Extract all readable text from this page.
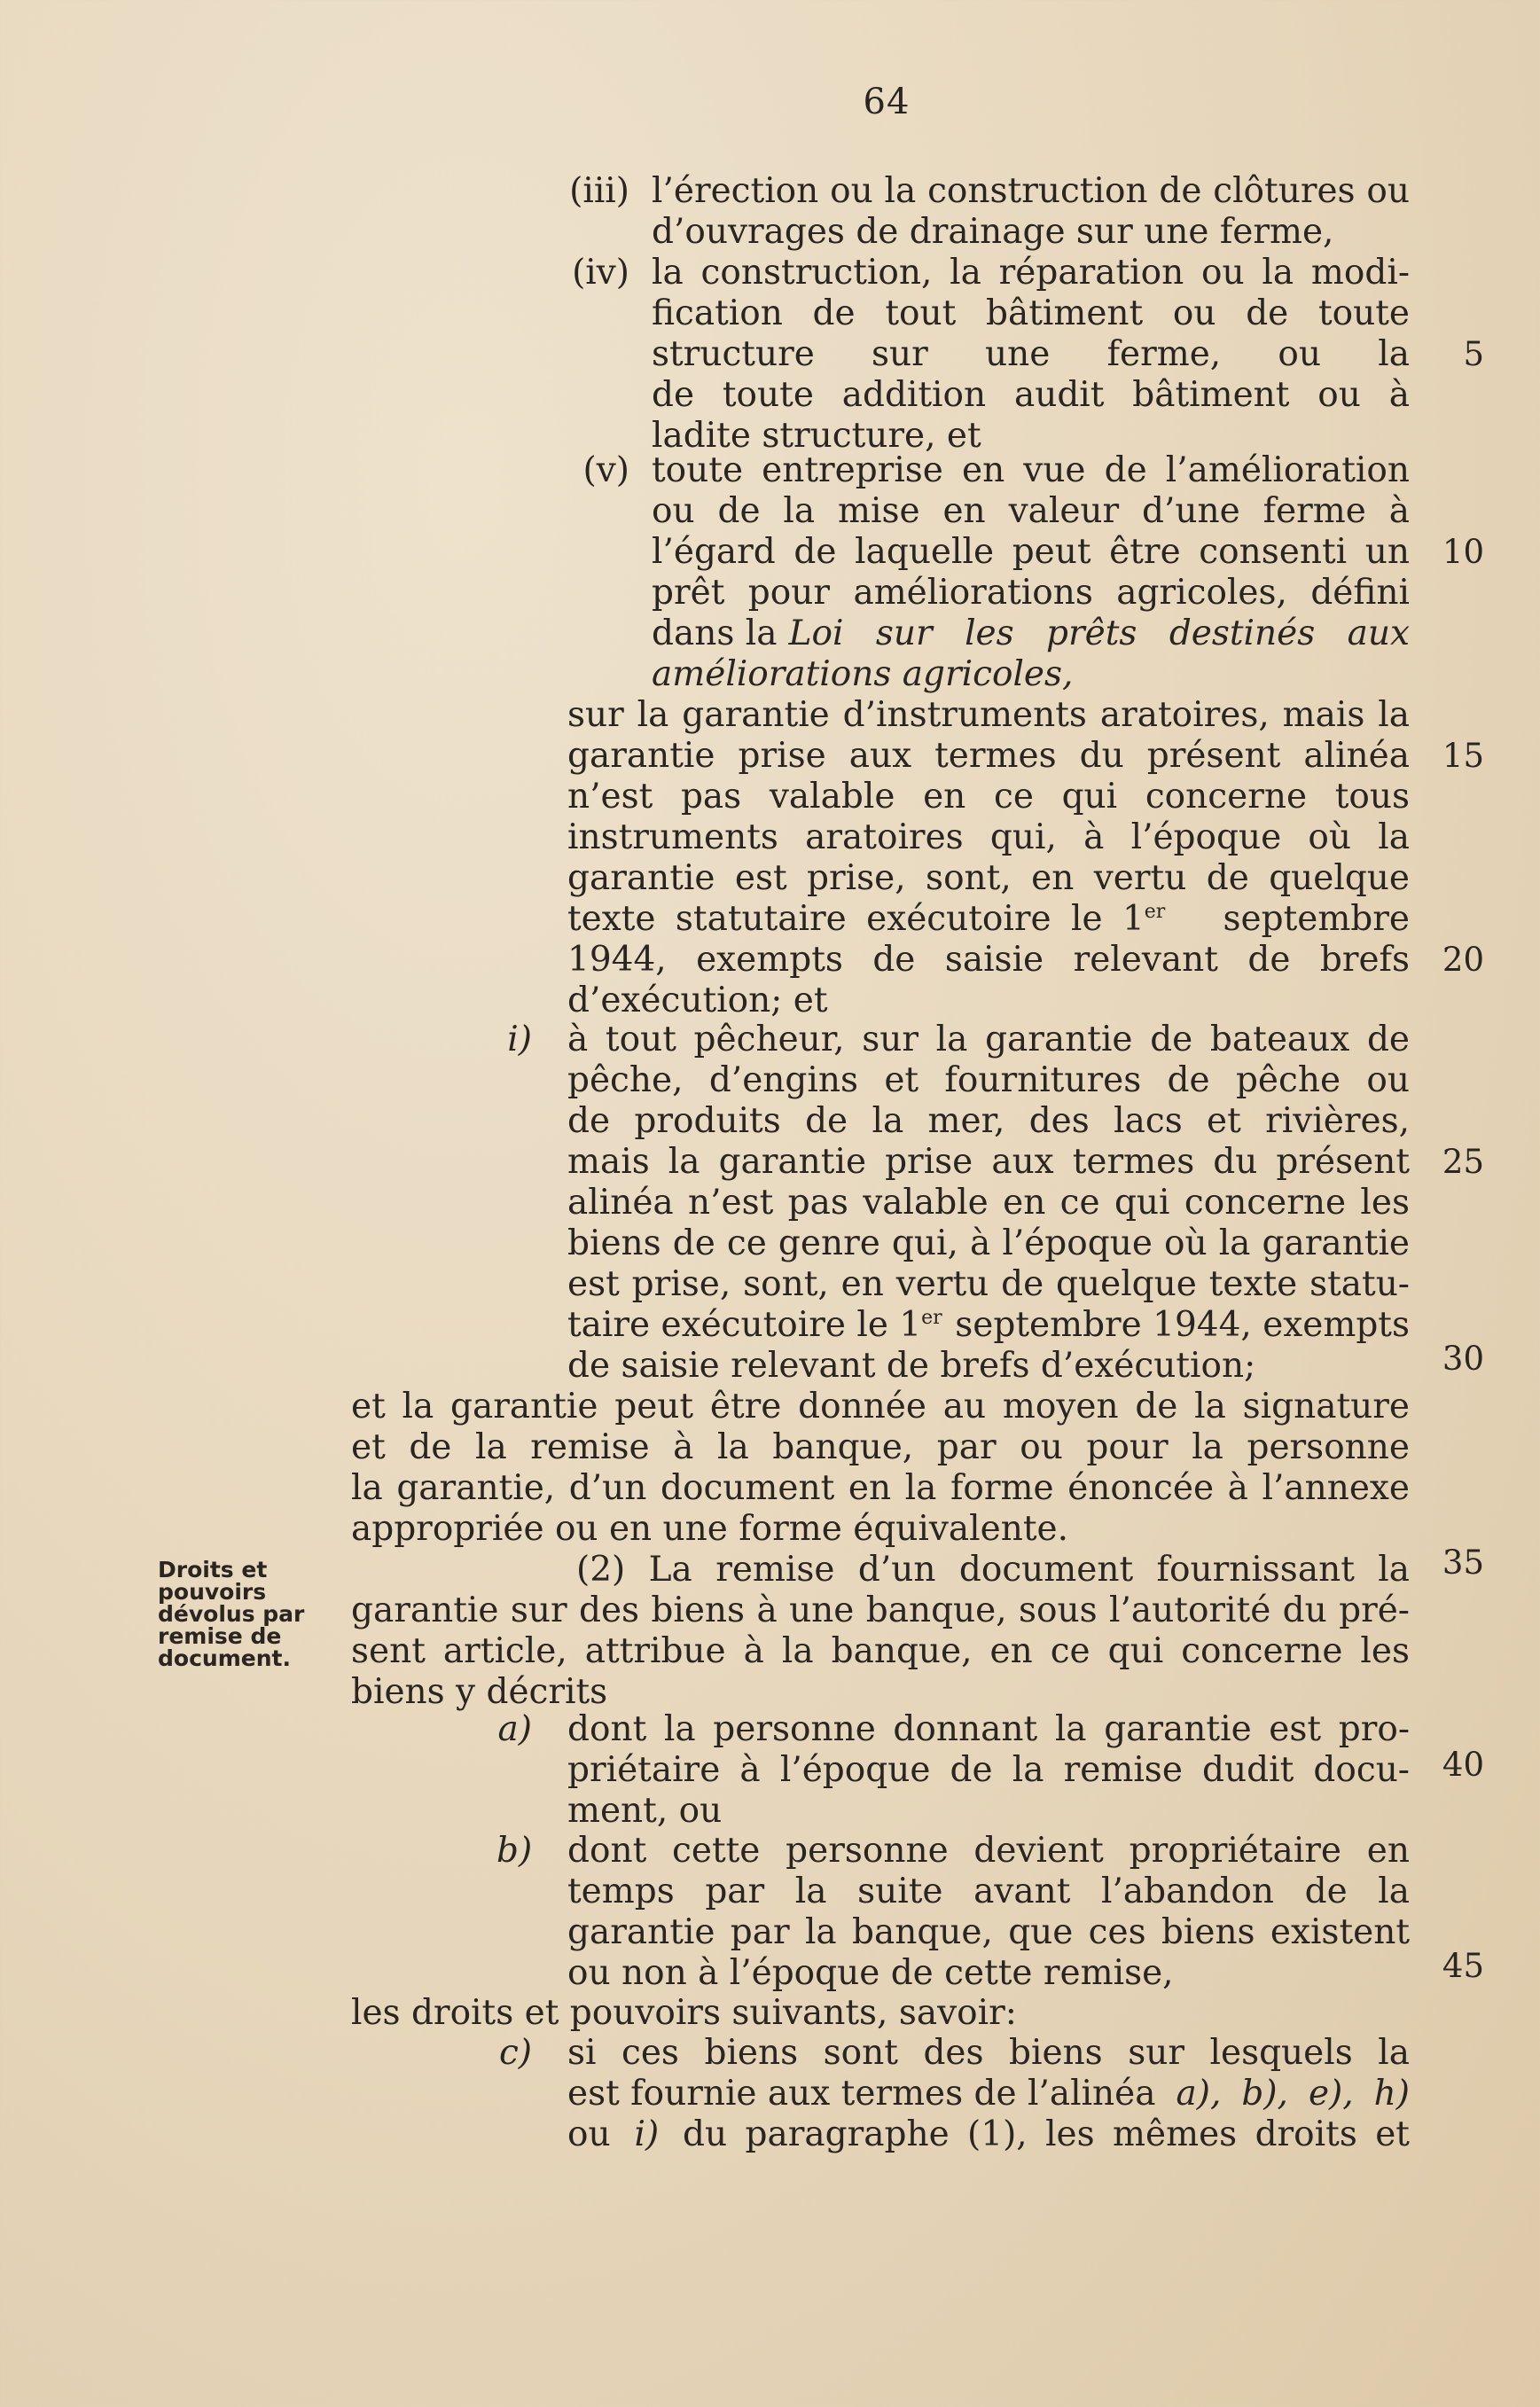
64
Droits et
pouvoirs
dévolus par
remise de
document.
(iii)
(iv)
(v)
i)
a)
b)
c)
l’érection ou la construction de clôtures ou
d’ouvrages de drainage sur une ferme,
la construction, la réparation ou la modi-
fication de tout bâtiment ou de toute
structure sur une ferme, ou la
de toute addition audit bâtiment ou à
ladite structure, et
toute entreprise en vue de l’amélioration
ou de la mise en valeur d’une ferme à
l’égard de laquelle peut être consenti un
prêt pour améliorations agricoles, défini
dans la Loi sur les prêts destinés aux
améliorations agricoles,
sur la garantie d’instruments aratoires, mais la
garantie prise aux termes du présent alinéa
n’est pas valable en ce qui concerne tous
instruments aratoires qui, à l’époque où la
garantie est prise, sont, en vertu de quelque
texte statutaire exécutoire le 1er septembre
1944, exempts de saisie relevant de brefs
d’exécution; et
à tout pêcheur, sur la garantie de bateaux de
pêche, d’engins et fournitures de pêche ou
de produits de la mer, des lacs et rivières,
mais la garantie prise aux termes du présent
alinéa n’est pas valable en ce qui concerne les
biens de ce genre qui, à l’époque où la garantie
est prise, sont, en vertu de quelque texte statu-
taire exécutoire le 1er septembre 1944, exempts
de saisie relevant de brefs d’exécution;
et la garantie peut être donnée au moyen de la signature
et de la remise à la banque, par ou pour la personne
la garantie, d’un document en la forme énoncée à l’annexe
appropriée ou en une forme équivalente.
(2) La remise d’un document fournissant la
garantie sur des biens à une banque, sous l’autorité du pré-
sent article, attribue à la banque, en ce qui concerne les
biens y décrits
dont la personne donnant la garantie est pro-
priétaire à l’époque de la remise dudit docu-
ment, ou
dont cette personne devient propriétaire en
temps par la suite avant l’abandon de la
garantie par la banque, que ces biens existent
ou non à l’époque de cette remise,
les droits et pouvoirs suivants, savoir:
si ces biens sont des biens sur lesquels la
est fournie aux termes de l’alinéa a), b), e), h)
ou i) du paragraphe (1), les mêmes droits et
5
10
15
20
25
30
35
40
45
